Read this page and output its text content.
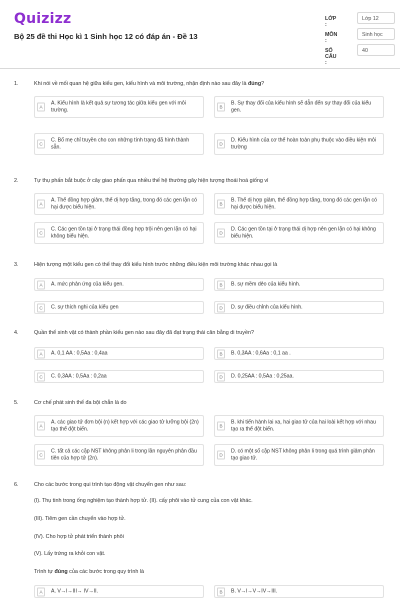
Quizizz
Bộ 25 đề thi Học kì 1 Sinh học 12 có đáp án - Đề 13
LỚP :
Lớp 12
MÔN :
Sinh học
SỐ CÂU :
40
1.	Khi nói về mối quan hệ giữa kiểu gen, kiểu hình và môi trường, nhận định nào sau đây là đúng?
A
A. Kiểu hình là kết quả sự tương tác giữa kiểu gen với môi trường.	B
B. Sự thay đổi của kiểu hình sẽ dẫn đến sự thay đổi của kiểu gen.
C
C. Bố mẹ chỉ truyền cho con những tính trạng đã hình thành sẵn.	D
D. Kiểu hình của cơ thể hoàn toàn phụ thuộc vào điều kiện môi trường
2.	Tự thụ phấn bắt buộc ở cây giao phấn qua nhiều thế hệ thường gây hiện tượng thoái hoá giống vì
A
A. Thể đồng hợp giảm, thể dị hợp tăng, trong đó các gen lặn có hại được biểu hiện.	B
B. Thể dị hợp giảm, thể đồng hợp tăng, trong đó các gen lặn có hại được biểu hiện.
C
C. Các gen tồn tại ở trạng thái đồng hợp trội nên gen lặn có hại không biểu hiện.	D
D. Các gen tồn tại ở trạng thái dị hợp nên gen lặn có hại không biểu hiện.
3.	Hiện tượng một kiểu gen có thể thay đổi kiểu hình trước những điều kiện môi trường khác nhau gọi là
A	A. mức phản ứng của kiểu gen.	B	B. sự mềm dẻo của kiểu hình.
C	C. sự thích nghi của kiểu gen	D	D. sự điều chỉnh của kiểu hình.
4.	Quần thể sinh vật có thành phần kiểu gen nào sau đây đã đạt trạng thái cân bằng di truyền?
A	A. 0,1 AA : 0,5Aa : 0,4aa	B	B. 0,3AA : 0,6Aa : 0,1 aa .
C	C. 0,3AA : 0,5Aa : 0,2aa	D	D. 0,25AA : 0,5Aa : 0,25aa.
5.	Cơ chế phát sinh thể đa bội chẵn là do
A
A. các giao tử đơn bội (n) kết hợp với các giao tử lưỡng bội (2n) tạo thể đột biến.	B
B. khi tiến hành lai xa, hai giao tử của hai loài kết hợp với nhau tạo ra thể đột biến.
C
C. tất cả các cặp NST không phân li trong lần nguyên phân đầu tiên của hợp tử (2n).	D
D. có một số cặp NST không phân li trong quá trình giảm phân tạo giao tử.
6.	Cho các bước trong qui trình tạo động vật chuyển gen như sau:
(I). Thụ tinh trong ống nghiệm tạo thành hợp tử. (II). cấy phôi vào tử cung của con vật khác.
(III). Tiêm gen cần chuyển vào hợp tử.
(IV). Cho hợp tử phát triển thành phôi
(V). Lấy trứng ra khỏi con vật.
Trình tự đúng của các bước trong quy trình là
A	A. V→I→III→ IV→II.	B	B. V→I→V→IV→III.
